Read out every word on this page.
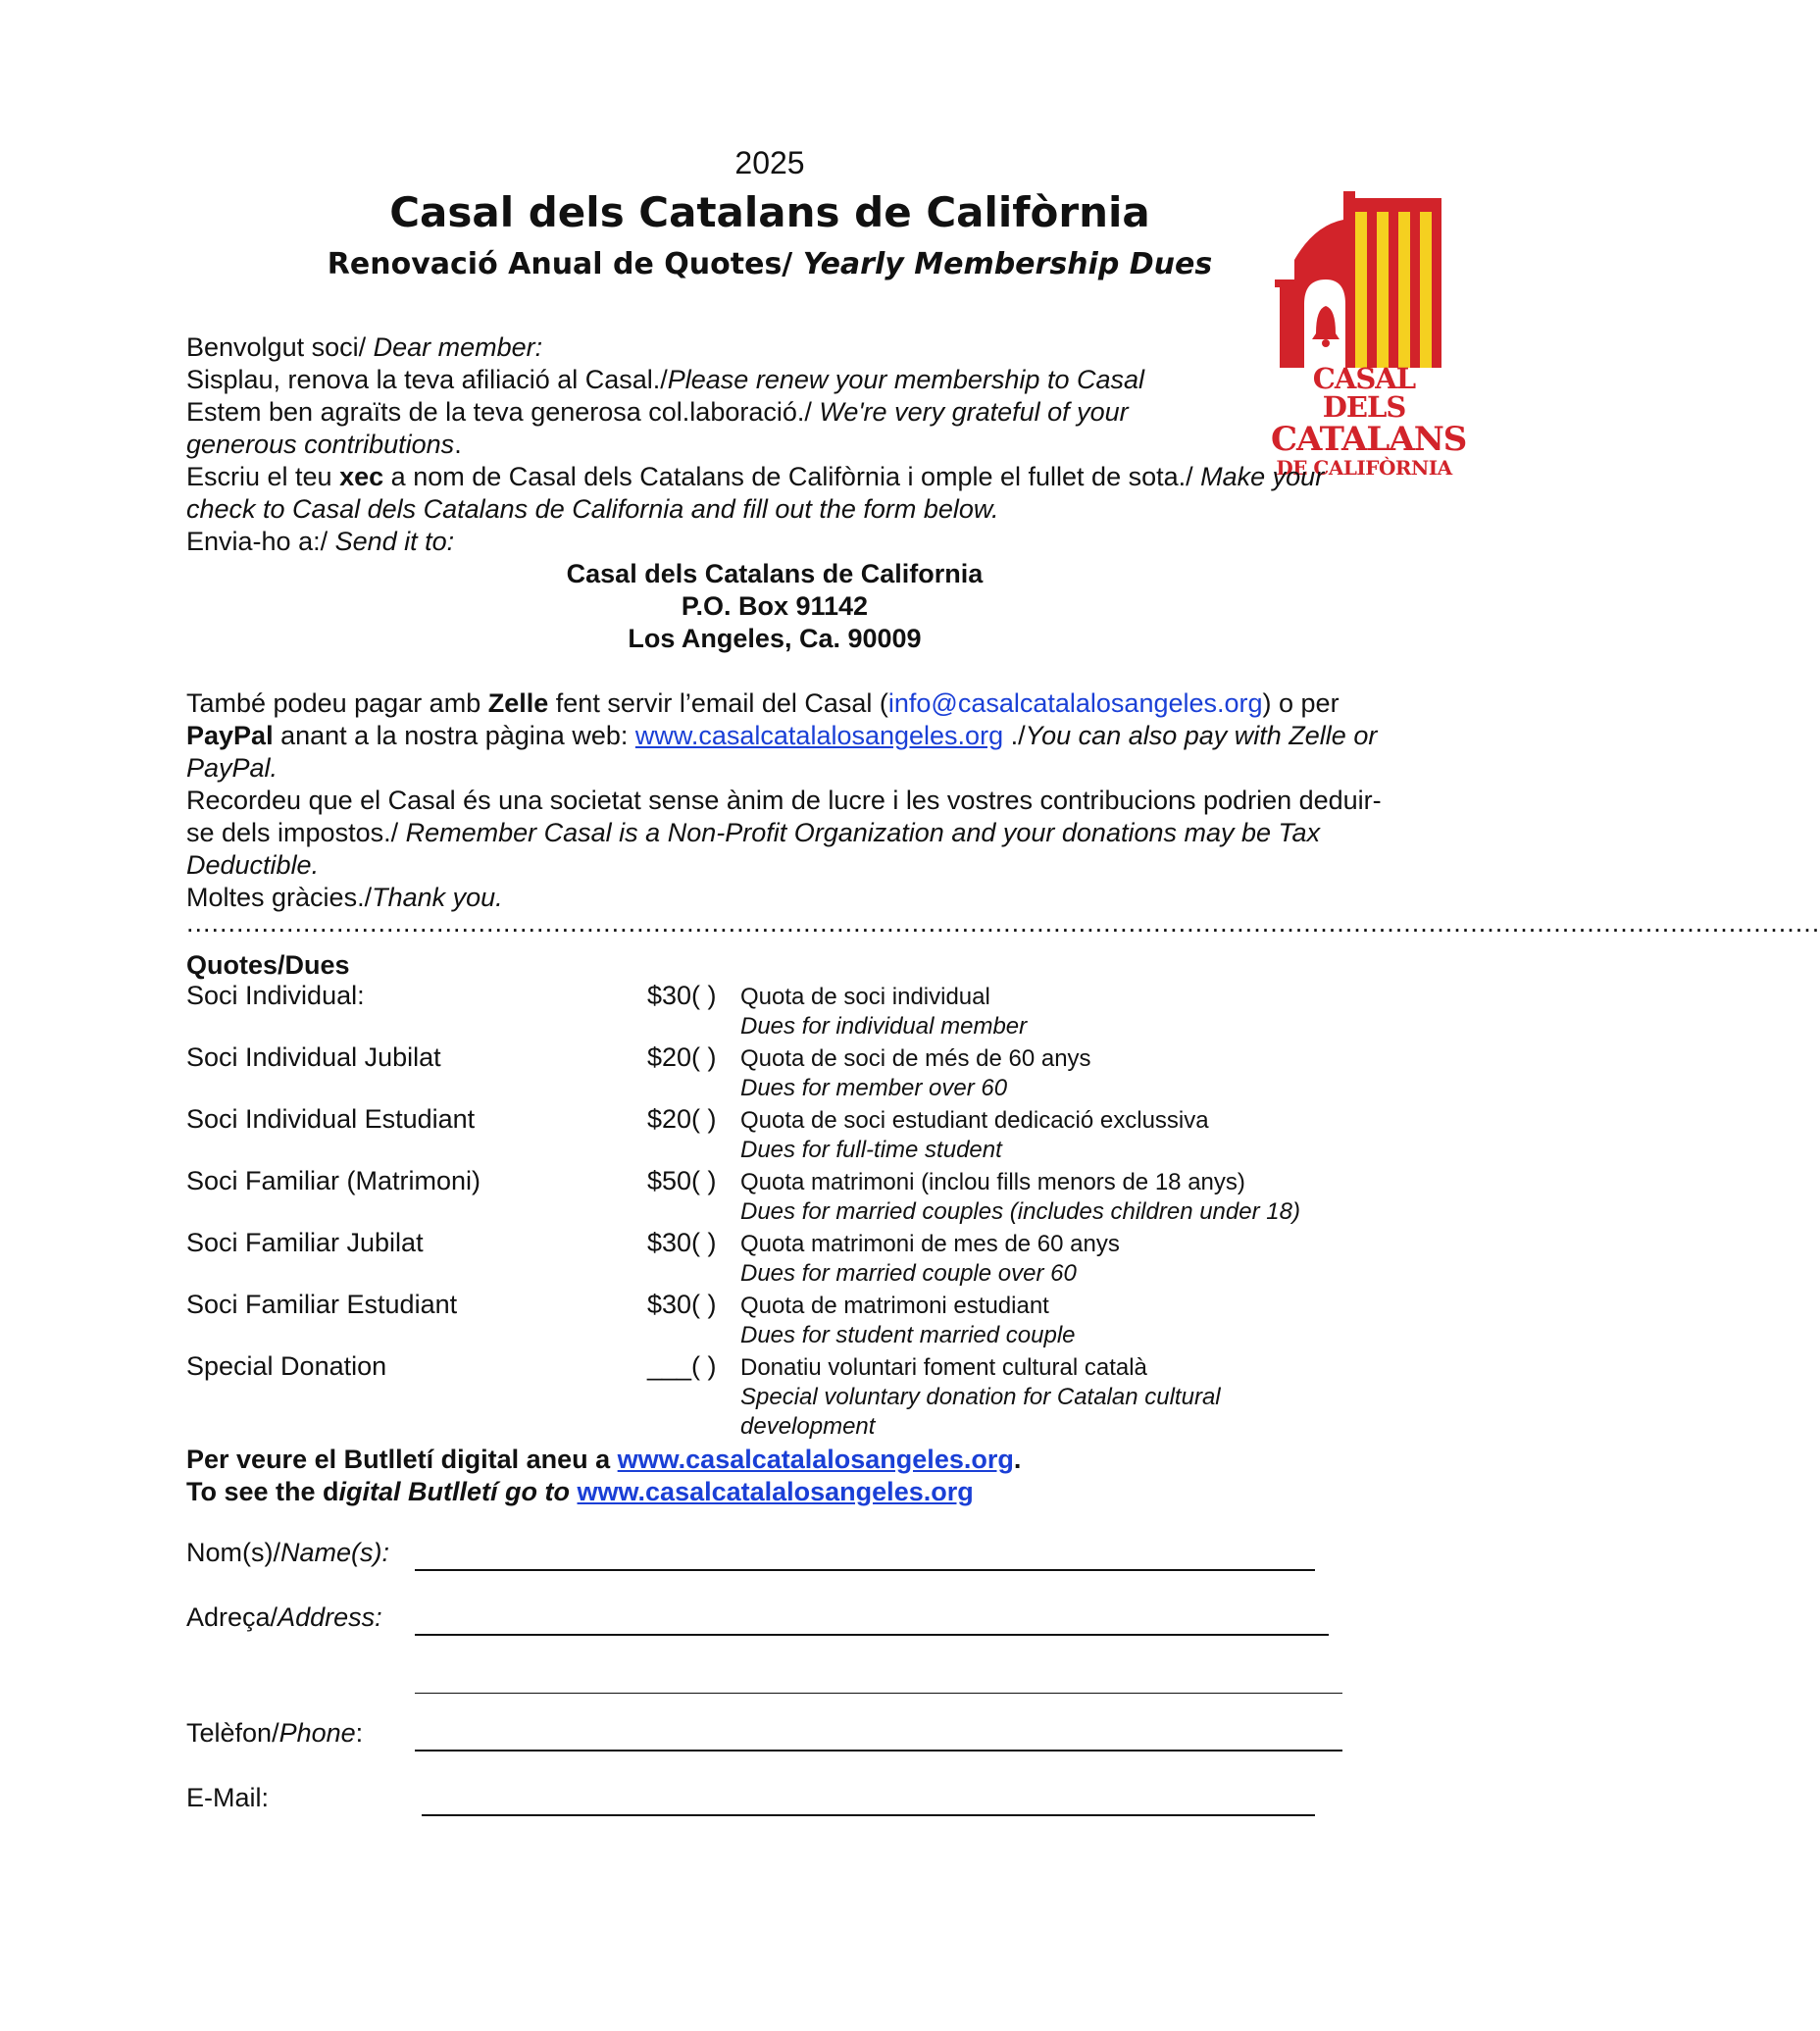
2025
Casal dels Catalans de Califòrnia
Renovació Anual de Quotes/ Yearly Membership Dues
CASAL DELS
CATALANS
DE CALIFÒRNIA

Benvolgut soci/ Dear member:

Sisplau, renova la teva afiliació al Casal./Please renew your membership to Casal

Estem ben agraïts de la teva generosa col.laboració./ We're very grateful of your generous contributions.

Escriu el teu xec a nom de Casal dels Catalans de Califòrnia i omple el fullet de sota./ Make your check to Casal dels Catalans de California and fill out the form below.

Envia-ho a:/ Send it to:

Casal dels Catalans de California
P.O. Box 91142
Los Angeles, Ca. 90009

També podeu pagar amb Zelle fent servir l’email del Casal (info@casalcatalalosangeles.org) o per PayPal anant a la nostra pàgina web: www.casalcatalalosangeles.org ./You can also pay with Zelle or PayPal.

Recordeu que el Casal és una societat sense ànim de lucre i les vostres contribucions podrien deduir-se dels impostos./ Remember Casal is a Non-Profit Organization and your donations may be Tax Deductible.

Moltes gràcies./Thank you.

....................................................................................................................................................................................................
Quotes/Dues
Soci Individual:	$30( ) Quota de soci individual
Dues for individual member
Soci Individual Jubilat	$20( ) Quota de soci de més de 60 anys
Dues for member over 60
Soci Individual Estudiant	$20( ) Quota de soci estudiant dedicació exclussiva
Dues for full-time student
Soci Familiar (Matrimoni)	$50( ) Quota matrimoni (inclou fills menors de 18 anys)
Dues for married couples (includes children under 18)
Soci Familiar Jubilat	$30( ) Quota matrimoni de mes de 60 anys
Dues for married couple over 60
Soci Familiar Estudiant	$30( ) Quota de matrimoni estudiant
Dues for student married couple
Special Donation	___( ) Donatiu voluntari foment cultural català
Special voluntary donation for Catalan cultural development
Per veure el Butlletí digital aneu a www.casalcatalalosangeles.org.
To see the digital Butlletí go to www.casalcatalalosangeles.org
Nom(s)/Name(s):
Adreça/Address:
Telèfon/Phone:
E-Mail:
